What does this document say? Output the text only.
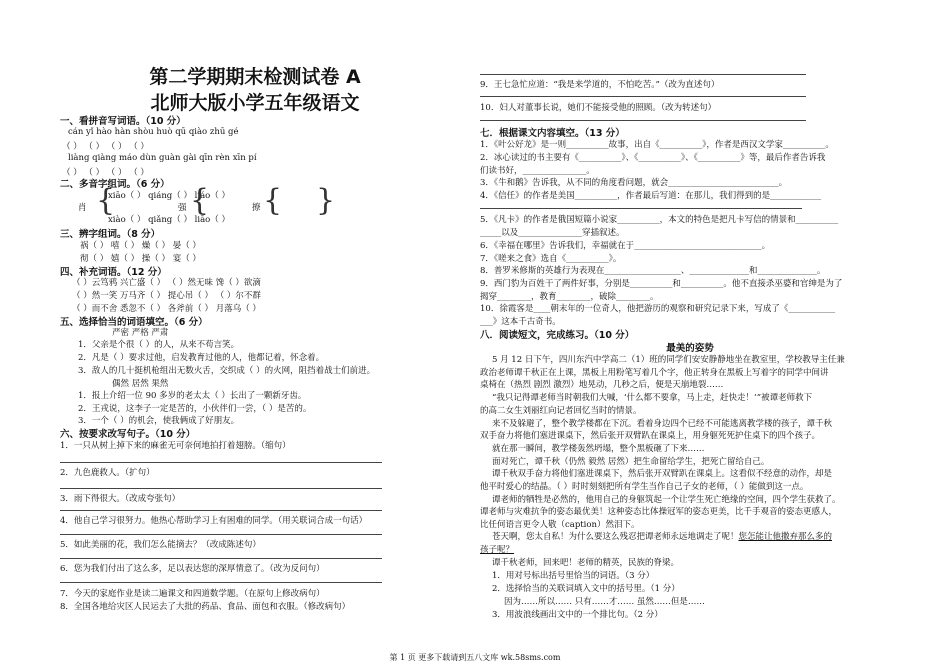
第二学期期末检测试卷 A
北师大版小学五年级语文
一、看拼音写词语。（10 分）
cán yǐ hào hàn shòu huò qū qiào zhū gé
（ ） （ ） （ ） （ ）
liàng qiàng máo dùn guàn gài qīn rèn xīn pí
（ ） （ ） （ ） （ ）
二、多音字组词。（6 分）
xiāo（ ） qiáng（ ） liáo（ ）
肖	强	撩
xiào（ ） qiǎng（ ） liāo（ ）
{ { { }
三、辨字组词。（8 分）
祸（ ） 嘻（ ） 燥（ ） 晏（ ）
彻（ ） 嬉（ ） 操（ ） 宴（ ）
四、补充词语。（12 分）
（ ）云笃鸦 兴亡盛（ ） （ ）然无味 馋（ ）欲滴
（ ）然一笑 万马齐（ ） 提心吊（ ） （ ）尔不群
（ ）而不舍 悉忽不（ ） 各斧前（ ） 月落乌（ ）
五、选择恰当的词语填空。（6 分）
严密 严格 严肃
1．父亲是个很（ ）的人，从来不苟言笑。
2．凡是（ ）要求过他，启发教育过他的人，他都记着，怀念着。
3．敌人的几十挺机枪组出无数火舌，交织成（ ）的火网，阻挡着战士们前进。
偶然 居然 果然
1．报上介绍一位 90 多岁的老太太（ ）长出了一颗新牙齿。
2．王戎说，这李子一定是苦的，小伙伴们一尝，（ ）是苦的。
3．一个（ ）的机会，使我俩成了好朋友。
六、按要求改写句子。（10 分）
1．一只从树上掉下来的麻雀无可奈何地拍打着翅膀。（缩句）
2．九色鹿救人。（扩句）
3．雨下得很大。（改成夸张句）
4．他自己学习很努力。他热心帮助学习上有困难的同学。（用关联词合成一句话）
5．如此美丽的花，我们怎么能摘去？（改成陈述句）
6．您为我们付出了这么多，足以表达您的深厚情意了。（改为反问句）
7．今天的家庭作业是读二遍课文和四道数学题。（在原句上修改病句）
8．全国各地给灾区人民运去了大批的药品、食品、面包和衣服。（修改病句）
9．王七急忙应道：“我是来学道的，不怕吃苦。”（改为直述句）
10．妇人对董事长说，她们不能接受他的照顾。（改为转述句）
七．根据课文内容填空。（13 分）
1．《叶公好龙》是一则__________故事，出自《__________》，作者是西汉文学家__________。
2．冰心读过的书主要有《__________》、《__________》、《__________》等，最后作者告诉我
们读书好，_______________。
3．《牛和鹅》告诉我，从不同的角度看问题，就会__________________________。
4．《信任》的作者是美国__________，作者最后写道：在那儿，我们得到的是____________
5．《凡卡》的作者是俄国短篇小说家__________，本文的特色是把凡卡写信的情景和__________
_____以及_______________穿插叙述。
6．《幸福在哪里》告诉我们，幸福就在于______________________________。
7．《嗟来之食》选自《__________》。
8．普罗米修斯的英雄行为表现在__________________、______________和______________。
9．西门豹为百姓干了两件好事，分别是__________和__________。他不直接杀巫婆和官绅是为了
揭穿________，教育________，破除________。
10．徐霞客是____朝末年的一位奇人，他把游历的观察和研究记录下来，写成了《___________
___》这本千古奇书。
八．阅读短文，完成练习。（10 分）
最美的姿势
5 月 12 日下午，四川东汽中学高二（1）班的同学们安安静静地坐在教室里，学校教导主任兼
政治老师谭千秋正在上课，黑板上用粉笔写着几个字，他正转身在黑板上写着字的同学中间讲
桌椅在（热烈 剧烈 激烈）地晃动，几秒之后，便是天崩地裂……
“我只记得谭老师当时朝我们大喊，‘什么都不要拿，马上走，赶快走！’”被谭老师救下
的高二女生刘丽红向记者回忆当时的情景。
来不及躲避了，整个教学楼都在下沉。看着身边四个已经不可能逃离教学楼的孩子，谭千秋
双手奋力将他们塞进课桌下，然后张开双臂趴在课桌上，用身躯死死护住桌下的四个孩子。
就在那一瞬间，教学楼轰然坍塌，整个黑板砸了下来……
面对死亡，谭千秋（仍然 毅然 居然）把生命留给学生，把死亡留给自己。
谭千秋双手奋力将他们塞进课桌下，然后张开双臂趴在课桌上。这看似不经意的动作，却是
他平时爱心的结晶。（ ）时时刻刻把所有学生当作自己子女的老师，（ ）能做到这一点。
谭老师的牺牲是必然的，他用自己的身躯筑起一个让学生死亡绝缘的空间，四个学生获救了。
谭老师与灾难抗争的姿态最优美！这种姿态比体操冠军的姿态更美，比千手观音的姿态更感人，
比任何语言更令人敬（caption）然泪下。
苍天啊，您太自私！为什么要这么残忍把谭老师永远地调走了呢！您怎能让他撒弃那么多的
孩子呢？
谭千秋老师，回来吧！老师的精英，民族的脊梁。
1．用对号标出括号里恰当的词语。（3 分）
2．选择恰当的关联词填入文中的括号里。（1 分）
因为……所以…… 只有……才…… 虽然……但是……
3．用波浪线画出文中的一个排比句。（2 分）
第 1 页 更多下载请到五八文库 wk.58sms.com
